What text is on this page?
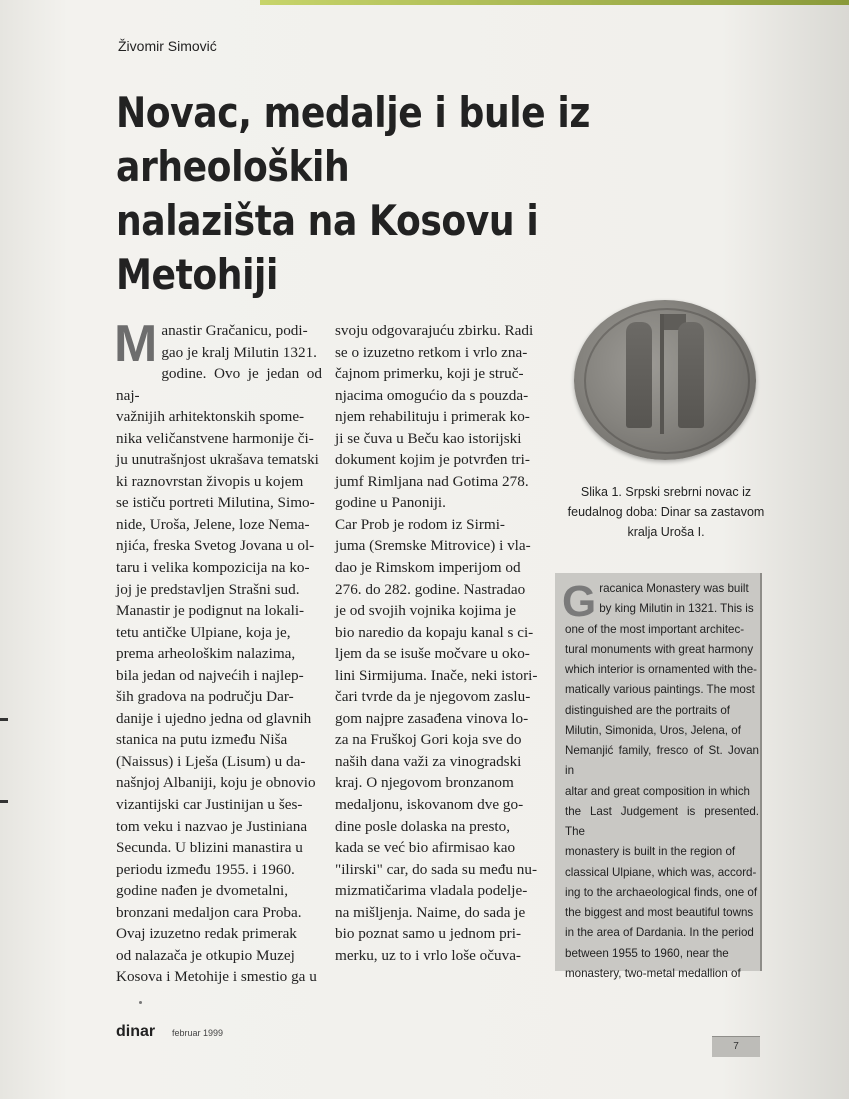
Živomir Simović
Novac, medalje i bule iz arheoloških
nalazišta na Kosovu i Metohiji
M anastir Gračanicu, podi-
gao je kralj Milutin 1321.
godine. Ovo je jedan od naj-
važnijih arhitektonskih spome-
nika veličanstvene harmonije či-
ju unutrašnjost ukrašava tematski
ki raznovrstan živopis u kojem
se ističu portreti Milutina, Simo-
nide, Uroša, Jelene, loze Nema-
njića, freska Svetog Jovana u ol-
taru i velika kompozicija na ko-
joj je predstavljen Strašni sud.
Manastir je podignut na lokali-
tetu antičke Ulpiane, koja je,
prema arheološkim nalazima,
bila jedan od najvećih i najlep-
ših gradova na području Dar-
danije i ujedno jedna od glavnih
stanica na putu između Niša
(Naissus) i Lješa (Lisum) u da-
našnjoj Albaniji, koju je obnovio
vizantijski car Justinijan u šes-
tom veku i nazvao je Justiniana
Secunda. U blizini manastira u
periodu između 1955. i 1960.
godine nađen je dvometalni,
bronzani medaljon cara Proba.
Ovaj izuzetno redak primerak
od nalazača je otkupio Muzej
Kosova i Metohije i smestio ga u
svoju odgovarajuću zbirku. Radi
se o izuzetno retkom i vrlo zna-
čajnom primerku, koji je struč-
njacima omogućio da s pouzda-
njem rehabilituju i primerak ko-
ji se čuva u Beču kao istorijski
dokument kojim je potvrđen tri-
jumf Rimljana nad Gotima 278.
godine u Panoniji.
Car Prob je rodom iz Sirmi-
juma (Sremske Mitrovice) i vla-
dao je Rimskom imperijom od
276. do 282. godine. Nastradao
je od svojih vojnika kojima je
bio naredio da kopaju kanal s ci-
ljem da se isuše močvare u oko-
lini Sirmijuma. Inače, neki istori-
čari tvrde da je njegovom zaslu-
gom najpre zasađena vinova lo-
za na Fruškoj Gori koja sve do
naših dana važi za vinogradski
kraj. O njegovom bronzanom
medaljonu, iskovanom dve go-
dine posle dolaska na presto,
kada se već bio afirmisao kao
"ilirski" car, do sada su među nu-
mizmatičarima vladala podelje-
na mišljenja. Naime, do sada je
bio poznat samo u jednom pri-
merku, uz to i vrlo loše očuva-
Slika 1. Srpski srebrni novac iz
feudalnog doba: Dinar sa zastavom
kralja Uroša I.
G racanica Monastery was built
by king Milutin in 1321. This is
one of the most important architec-
tural monuments with great harmony
which interior is ornamented with the-
matically various paintings. The most
distinguished are the portraits of
Milutin, Simonida, Uros, Jelena, of
Nemanjić family, fresco of St. Jovan in
altar and great composition in which
the Last Judgement is presented. The
monastery is built in the region of
classical Ulpiane, which was, accord-
ing to the archaeological finds, one of
the biggest and most beautiful towns
in the area of Dardania. In the period
between 1955 to 1960, near the
monastery, two-metal medallion of
dinar februar 1999
7
